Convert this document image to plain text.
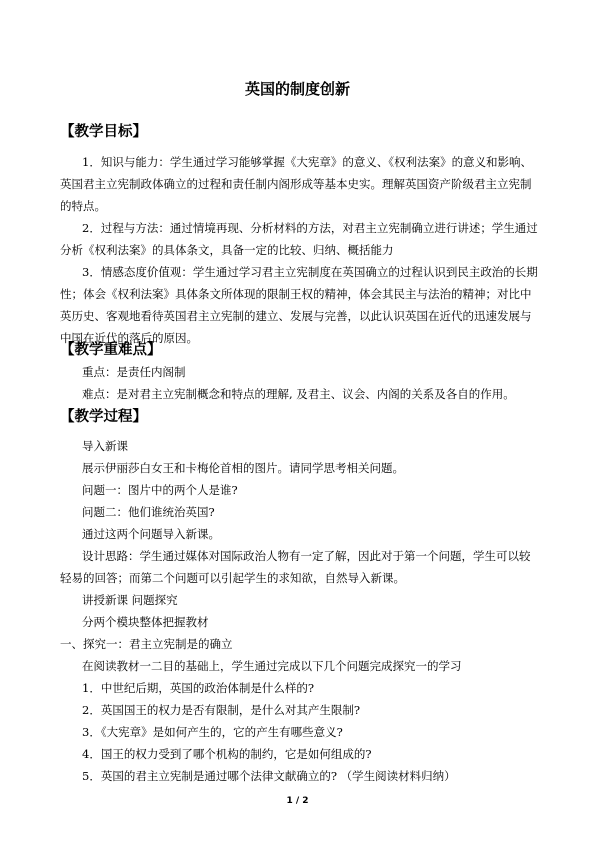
英国的制度创新
【教学目标】

1．知识与能力：学生通过学习能够掌握《大宪章》的意义、《权利法案》的意义和影响、英国君主立宪制政体确立的过程和责任制内阁形成等基本史实。理解英国资产阶级君主立宪制的特点。

2．过程与方法：通过情境再现、分析材料的方法，对君主立宪制确立进行讲述；学生通过分析《权利法案》的具体条文，具备一定的比较、归纳、概括能力

3．情感态度价值观：学生通过学习君主立宪制度在英国确立的过程认识到民主政治的长期性；体会《权利法案》具体条文所体现的限制王权的精神，体会其民主与法治的精神；对比中英历史、客观地看待英国君主立宪制的建立、发展与完善，以此认识英国在近代的迅速发展与中国在近代的落后的原因。

【教学重难点】

重点：是责任内阁制

难点：是对君主立宪制概念和特点的理解, 及君主、议会、内阁的关系及各自的作用。

【教学过程】

导入新课

展示伊丽莎白女王和卡梅伦首相的图片。请同学思考相关问题。

问题一：图片中的两个人是谁?

问题二：他们谁统治英国?

通过这两个问题导入新课。

设计思路：学生通过媒体对国际政治人物有一定了解，因此对于第一个问题，学生可以较轻易的回答；而第二个问题可以引起学生的求知欲，自然导入新课。

讲授新课 问题探究

分两个模块整体把握教材

一、探究一：君主立宪制是的确立

在阅读教材一二目的基础上，学生通过完成以下几个问题完成探究一的学习

1．中世纪后期，英国的政治体制是什么样的?

2．英国国王的权力是否有限制，是什么对其产生限制?

3．《大宪章》是如何产生的，它的产生有哪些意义?

4．国王的权力受到了哪个机构的制约，它是如何组成的?

5．英国的君主立宪制是通过哪个法律文献确立的? （学生阅读材料归纳）

1 / 2
